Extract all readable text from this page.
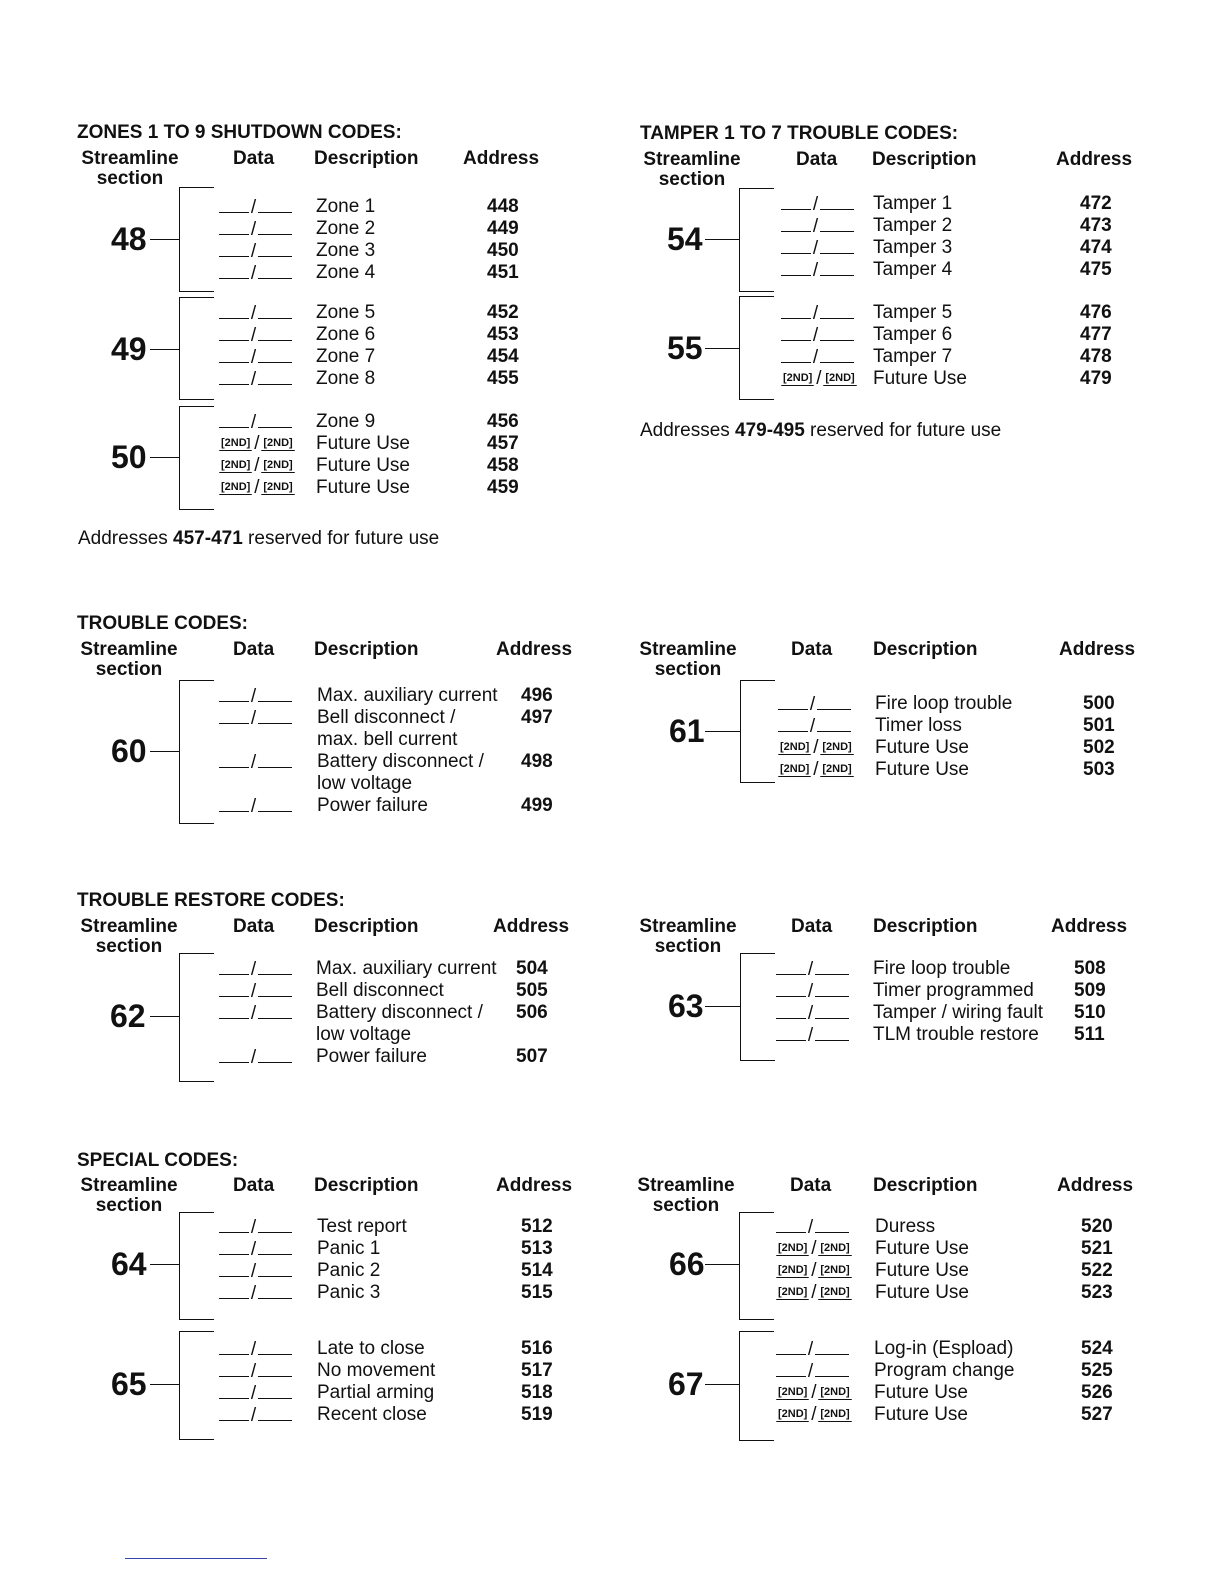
ZONES 1 TO 9 SHUTDOWN CODES:	TAMPER 1 TO 7 TROUBLE CODES:
TROUBLE CODES:
TROUBLE RESTORE CODES:
SPECIAL CODES:
Streamline
section
Data Description Address	Streamline
section
Data Description	Address
Streamline
section
Data Description	Address	Streamline
section
Data Description	Address
Streamline
section
Data Description	Address	Streamline
section
Data Description	Address
Streamline
section
Data Description	Address	Streamline
section
Data Description	Address
Addresses 457-471 reserved for future use
Addresses 479-495 reserved for future use
48
/	Zone 1	448
/	Zone 2	449
/	Zone 3	450
/	Zone 4	451
49
/	Zone 5	452
/	Zone 6	453
/	Zone 7	454
/	Zone 8	455
50
/	Zone 9	456
[2ND] / [2ND] Future Use	457
[2ND] / [2ND] Future Use	458
[2ND] / [2ND] Future Use	459
54
/	Tamper 1	472
/	Tamper 2	473
/	Tamper 3	474
/	Tamper 4	475
55
/	Tamper 5	476
/	Tamper 6	477
/	Tamper 7	478
[2ND] / [2ND] Future Use	479
60
/	Max. auxiliary current 496
/	Bell disconnect /
max. bell current
497
/	Battery disconnect /
low voltage
498
/	Power failure	499
61
/	Fire loop trouble	500
/	Timer loss	501
[2ND] / [2ND] Future Use	502
[2ND] / [2ND] Future Use	503
62
/	Max. auxiliary current 504
/	Bell disconnect	505
/	Battery disconnect /
low voltage
506
/	Power failure	507
63
/	Fire loop trouble	508
/	Timer programmed 509
/	Tamper / wiring fault 510
/	TLM trouble restore 511
64
/	Test report	512
/	Panic 1	513
/	Panic 2	514
/	Panic 3	515
65
/	Late to close	516
/	No movement	517
/	Partial arming	518
/	Recent close	519
66
/	Duress	520
[2ND] / [2ND] Future Use	521
[2ND] / [2ND] Future Use	522
[2ND] / [2ND] Future Use	523
67
/	Log-in (Espload)	524
/	Program change	525
[2ND] / [2ND] Future Use	526
[2ND] / [2ND] Future Use	527
